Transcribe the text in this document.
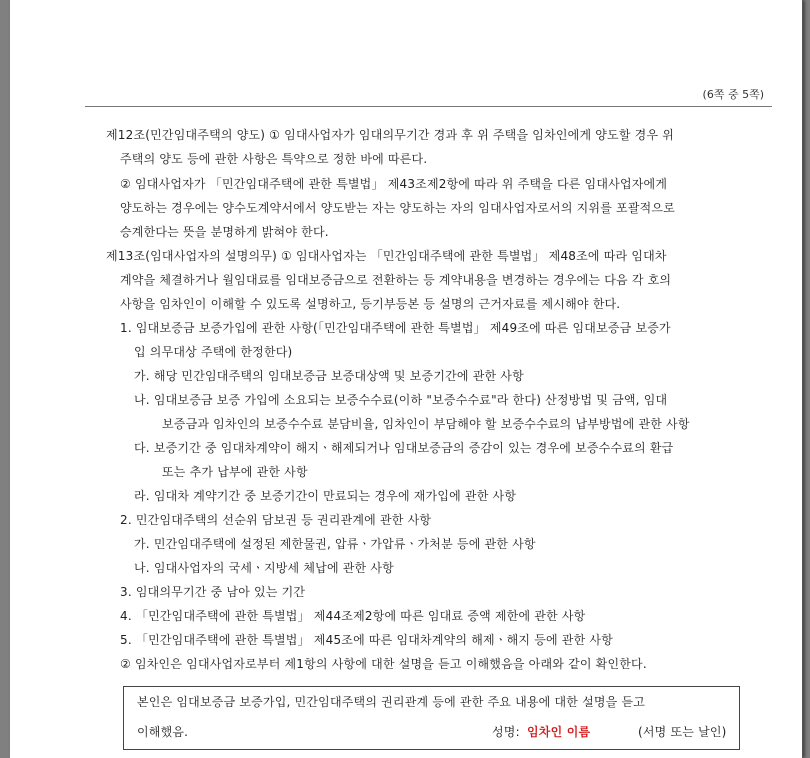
(6쪽 중 5쪽)
제12조(민간임대주택의 양도) ① 임대사업자가 임대의무기간 경과 후 위 주택을 임차인에게 양도할 경우 위
주택의 양도 등에 관한 사항은 특약으로 정한 바에 따른다.
② 임대사업자가 「민간임대주택에 관한 특별법」 제43조제2항에 따라 위 주택을 다른 임대사업자에게
양도하는 경우에는 양수도계약서에서 양도받는 자는 양도하는 자의 임대사업자로서의 지위를 포괄적으로
승계한다는 뜻을 분명하게 밝혀야 한다.
제13조(임대사업자의 설명의무) ① 임대사업자는 「민간임대주택에 관한 특별법」 제48조에 따라 임대차
계약을 체결하거나 월임대료를 임대보증금으로 전환하는 등 계약내용을 변경하는 경우에는 다음 각 호의
사항을 임차인이 이해할 수 있도록 설명하고, 등기부등본 등 설명의 근거자료를 제시해야 한다.
1. 임대보증금 보증가입에 관한 사항(「민간임대주택에 관한 특별법」 제49조에 따른 임대보증금 보증가
입 의무대상 주택에 한정한다)
가. 해당 민간임대주택의 임대보증금 보증대상액 및 보증기간에 관한 사항
나. 임대보증금 보증 가입에 소요되는 보증수수료(이하 "보증수수료"라 한다) 산정방법 및 금액, 임대
보증금과 임차인의 보증수수료 분담비율, 임차인이 부담해야 할 보증수수료의 납부방법에 관한 사항
다. 보증기간 중 임대차계약이 해지ㆍ해제되거나 임대보증금의 증감이 있는 경우에 보증수수료의 환급
또는 추가 납부에 관한 사항
라. 임대차 계약기간 중 보증기간이 만료되는 경우에 재가입에 관한 사항
2. 민간임대주택의 선순위 담보권 등 권리관계에 관한 사항
가. 민간임대주택에 설정된 제한물권, 압류ㆍ가압류ㆍ가처분 등에 관한 사항
나. 임대사업자의 국세ㆍ지방세 체납에 관한 사항
3. 임대의무기간 중 남아 있는 기간
4. 「민간임대주택에 관한 특별법」 제44조제2항에 따른 임대료 증액 제한에 관한 사항
5. 「민간임대주택에 관한 특별법」 제45조에 따른 임대차계약의 해제ㆍ해지 등에 관한 사항
② 임차인은 임대사업자로부터 제1항의 사항에 대한 설명을 듣고 이해했음을 아래와 같이 확인한다.
본인은 임대보증금 보증가입, 민간임대주택의 권리관계 등에 관한 주요 내용에 대한 설명을 듣고
이해했음.	성명: 임차인 이름	(서명 또는 날인)
